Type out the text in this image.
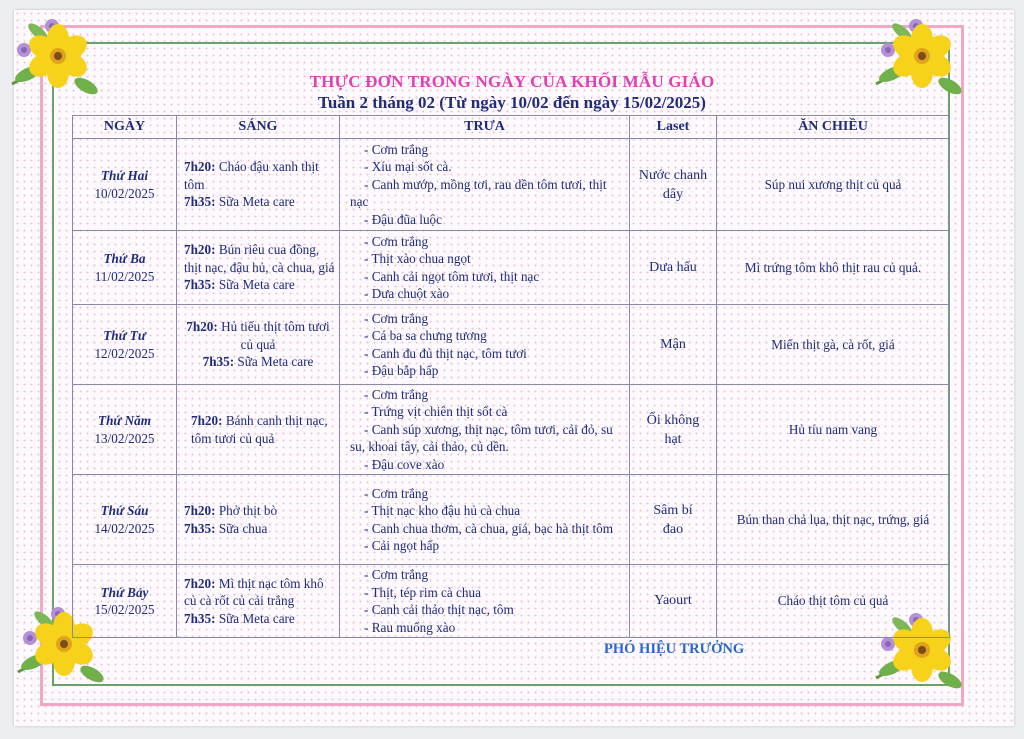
THỰC ĐƠN TRONG NGÀY CỦA KHỐI MẪU GIÁO
Tuần 2 tháng 02 (Từ ngày 10/02 đến ngày 15/02/2025)
NGÀY	SÁNG	TRƯA	Laset	ĂN CHIỀU

Thứ Hai
10/02/2025	7h20: Cháo đậu xanh thịt tôm
7h35: Sữa Meta care	- Cơm trắng
- Xíu mại sốt cà.
- Canh mướp, mồng tơi, rau dền tôm tươi, thịt nạc
- Đậu đũa luộc	Nước chanh dây	Súp nui xương thịt củ quả

Thứ Ba
11/02/2025	7h20: Bún riêu cua đồng, thịt nạc, đậu hủ, cà chua, giá
7h35: Sữa Meta care	- Cơm trắng
- Thịt xào chua ngọt
- Canh cải ngọt tôm tươi, thịt nạc
- Dưa chuột xào	Dưa hấu	Mì trứng tôm khô thịt rau củ quả.

Thứ Tư
12/02/2025	7h20: Hủ tiếu thịt tôm tươi củ quả
7h35: Sữa Meta care	- Cơm trắng
- Cá ba sa chưng tương
- Canh đu đủ thịt nạc, tôm tươi
- Đậu bắp hấp	Mận	Miến thịt gà, cà rốt, giá

Thứ Năm
13/02/2025	7h20: Bánh canh thịt nạc, tôm tươi củ quả	- Cơm trắng
- Trứng vịt chiên thịt sốt cà
- Canh súp xương, thịt nạc, tôm tươi, cải đỏ, su su, khoai tây, cải thảo, củ dền.
- Đậu cove xào	Ổi không hạt	Hủ tíu nam vang

Thứ Sáu
14/02/2025	7h20: Phở thịt bò
7h35: Sữa chua	- Cơm trắng
- Thịt nạc kho đậu hủ cà chua
- Canh chua thơm, cà chua, giá, bạc hà thịt tôm
- Cải ngọt hấp	Sâm bí đao	Bún than chả lụa, thịt nạc, trứng, giá

Thứ Bảy
15/02/2025	7h20: Mì thịt nạc tôm khô củ cà rốt củ cải trắng
7h35: Sữa Meta care	- Cơm trắng
- Thịt, tép rim cà chua
- Canh cải thảo thịt nạc, tôm
- Rau muống xào	Yaourt	Cháo thịt tôm củ quả
PHÓ HIỆU TRƯỞNG
